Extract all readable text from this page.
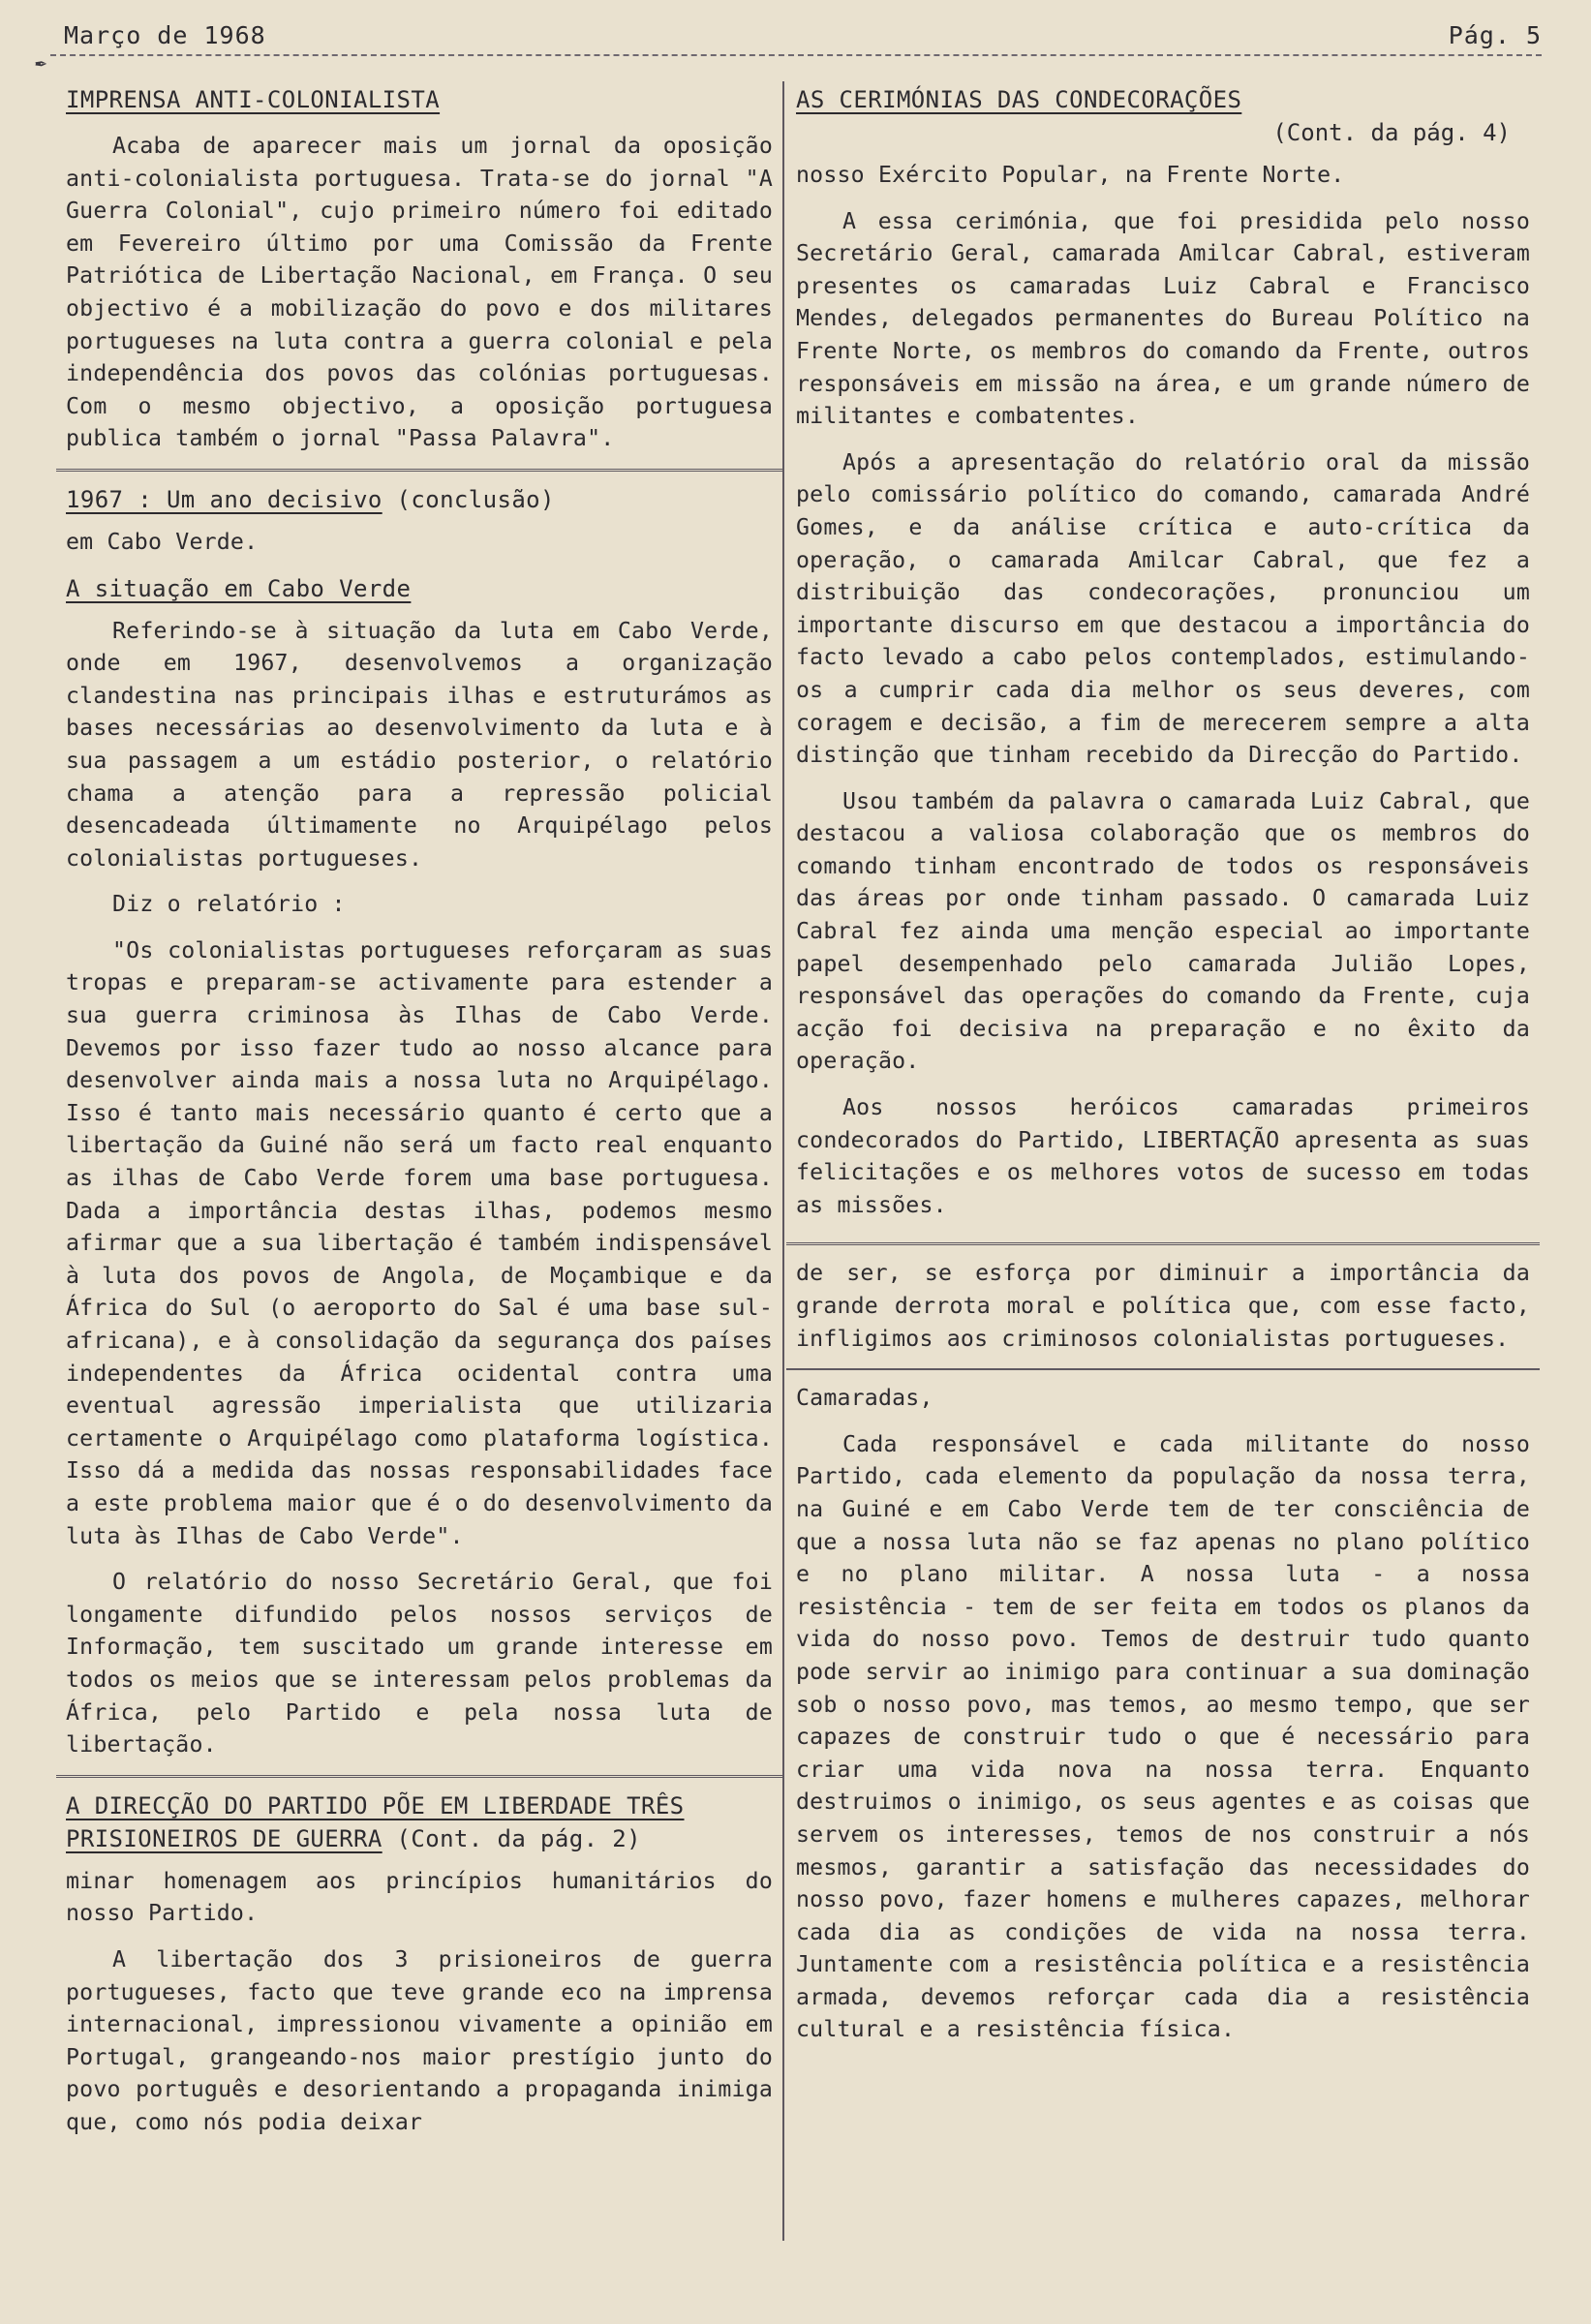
✒
Março de 1968	Pág. 5
IMPRENSA ANTI-COLONIALISTA

Acaba de aparecer mais um jornal da oposição anti-colonialista portuguesa. Trata-se do jornal "A Guerra Colonial", cujo primeiro número foi editado em Fevereiro último por uma Comissão da Frente Patriótica de Libertação Nacional, em França. O seu objectivo é a mobilização do povo e dos militares portugueses na luta contra a guerra colonial e pela independência dos povos das colónias portuguesas. Com o mesmo objectivo, a oposição portuguesa publica também o jornal "Passa Palavra".

1967 : Um ano decisivo (conclusão)

em Cabo Verde.

A situação em Cabo Verde

Referindo-se à situação da luta em Cabo Verde, onde em 1967, desenvolvemos a organização clandestina nas principais ilhas e estruturámos as bases necessárias ao desenvolvimento da luta e à sua passagem a um estádio posterior, o relatório chama a atenção para a repressão policial desencadeada últimamente no Arquipélago pelos colonialistas portugueses.

Diz o relatório :

"Os colonialistas portugueses reforçaram as suas tropas e preparam-se activamente para estender a sua guerra criminosa às Ilhas de Cabo Verde. Devemos por isso fazer tudo ao nosso alcance para desenvolver ainda mais a nossa luta no Arquipélago. Isso é tanto mais necessário quanto é certo que a libertação da Guiné não será um facto real enquanto as ilhas de Cabo Verde forem uma base portuguesa. Dada a importância destas ilhas, podemos mesmo afirmar que a sua libertação é também indispensável à luta dos povos de Angola, de Moçambique e da África do Sul (o aeroporto do Sal é uma base sul-africana), e à consolidação da segurança dos países independentes da África ocidental contra uma eventual agressão imperialista que utilizaria certamente o Arquipélago como plataforma logística. Isso dá a medida das nossas responsabilidades face a este problema maior que é o do desenvolvimento da luta às Ilhas de Cabo Verde".

O relatório do nosso Secretário Geral, que foi longamente difundido pelos nossos serviços de Informação, tem suscitado um grande interesse em todos os meios que se interessam pelos problemas da África, pelo Partido e pela nossa luta de libertação.

A DIRECÇÃO DO PARTIDO PÕE EM LIBERDADE TRÊS PRISIONEIROS DE GUERRA (Cont. da pág. 2)

minar homenagem aos princípios humanitários do nosso Partido.

A libertação dos 3 prisioneiros de guerra portugueses, facto que teve grande eco na imprensa internacional, impressionou vivamente a opinião em Portugal, grangeando-nos maior prestígio junto do povo português e desorientando a propaganda inimiga que, como nós podia deixar

AS CERIMÓNIAS DAS CONDECORAÇÕES
(Cont. da pág. 4)

nosso Exército Popular, na Frente Norte.

A essa cerimónia, que foi presidida pelo nosso Secretário Geral, camarada Amilcar Cabral, estiveram presentes os camaradas Luiz Cabral e Francisco Mendes, delegados permanentes do Bureau Político na Frente Norte, os membros do comando da Frente, outros responsáveis em missão na área, e um grande número de militantes e combatentes.

Após a apresentação do relatório oral da missão pelo comissário político do comando, camarada André Gomes, e da análise crítica e auto-crítica da operação, o camarada Amilcar Cabral, que fez a distribuição das condecorações, pronunciou um importante discurso em que destacou a importância do facto levado a cabo pelos contemplados, estimulando-os a cumprir cada dia melhor os seus deveres, com coragem e decisão, a fim de merecerem sempre a alta distinção que tinham recebido da Direcção do Partido.

Usou também da palavra o camarada Luiz Cabral, que destacou a valiosa colaboração que os membros do comando tinham encontrado de todos os responsáveis das áreas por onde tinham passado. O camarada Luiz Cabral fez ainda uma menção especial ao importante papel desempenhado pelo camarada Julião Lopes, responsável das operações do comando da Frente, cuja acção foi decisiva na preparação e no êxito da operação.

Aos nossos heróicos camaradas primeiros condecorados do Partido, LIBERTAÇÃO apresenta as suas felicitações e os melhores votos de sucesso em todas as missões.

de ser, se esforça por diminuir a importância da grande derrota moral e política que, com esse facto, infligimos aos criminosos colonialistas portugueses.

Camaradas,

Cada responsável e cada militante do nosso Partido, cada elemento da população da nossa terra, na Guiné e em Cabo Verde tem de ter consciência de que a nossa luta não se faz apenas no plano político e no plano militar. A nossa luta - a nossa resistência - tem de ser feita em todos os planos da vida do nosso povo. Temos de destruir tudo quanto pode servir ao inimigo para continuar a sua dominação sob o nosso povo, mas temos, ao mesmo tempo, que ser capazes de construir tudo o que é necessário para criar uma vida nova na nossa terra. Enquanto destruimos o inimigo, os seus agentes e as coisas que servem os interesses, temos de nos construir a nós mesmos, garantir a satisfação das necessidades do nosso povo, fazer homens e mulheres capazes, melhorar cada dia as condições de vida na nossa terra. Juntamente com a resistência política e a resistência armada, devemos reforçar cada dia a resistência cultural e a resistência física.
